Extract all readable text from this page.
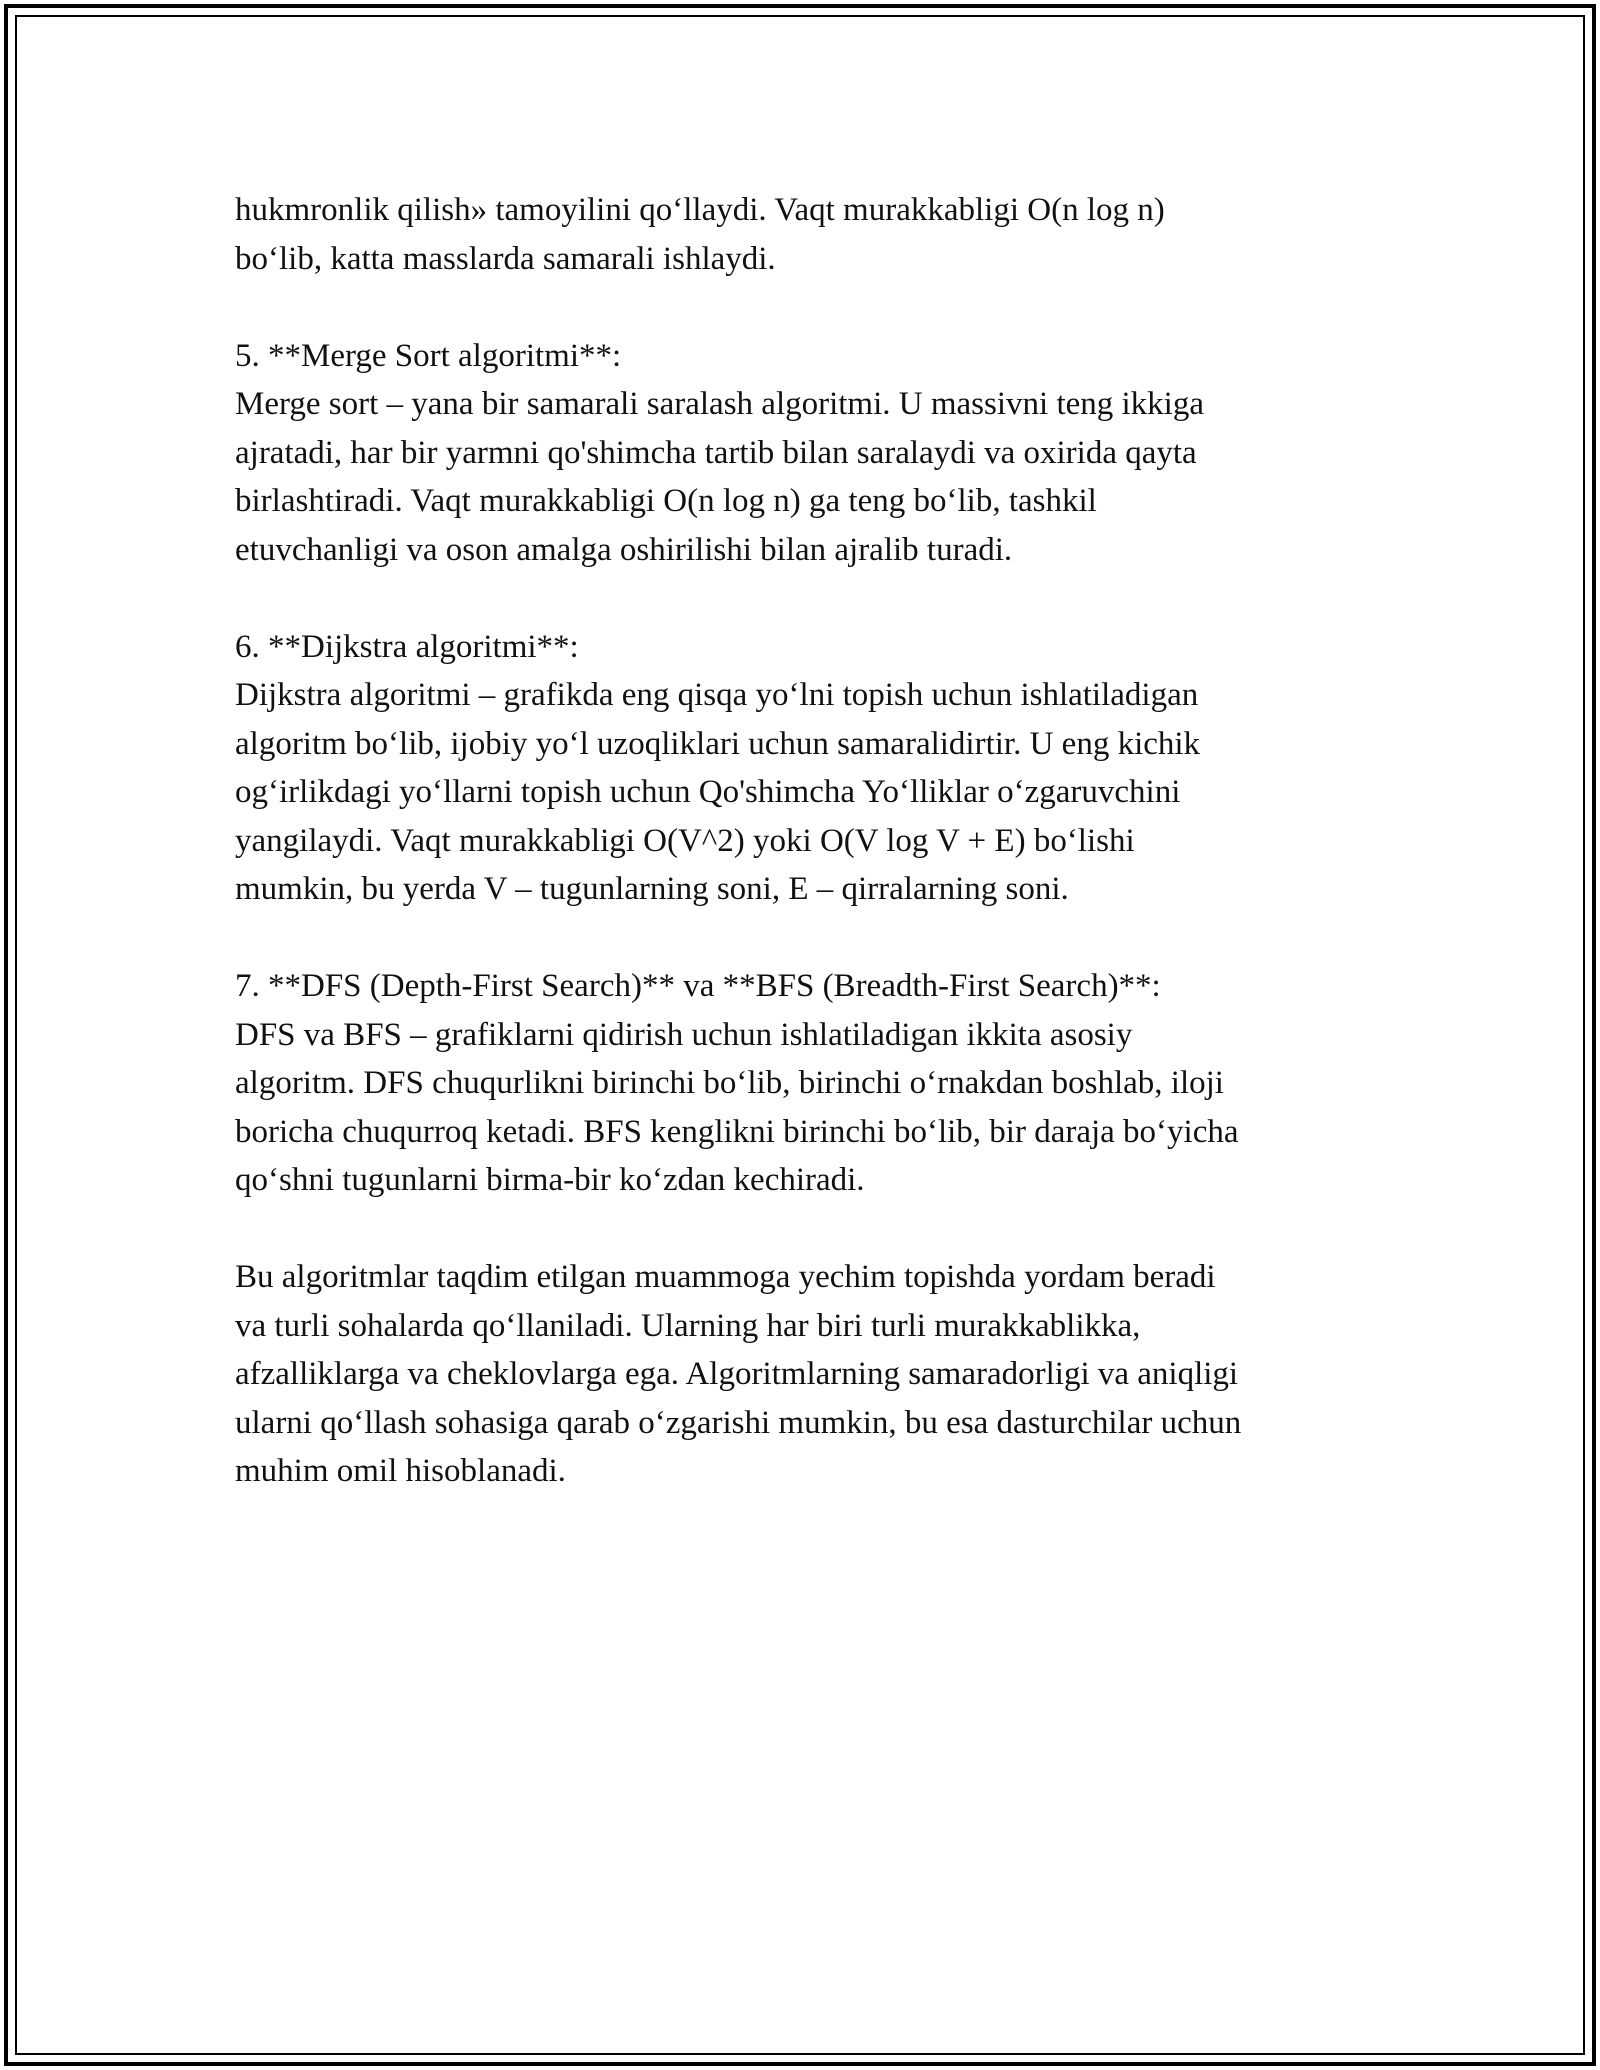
hukmronlik qilish» tamoyilini qo‘llaydi. Vaqt murakkabligi O(n log n)
bo‘lib, katta masslarda samarali ishlaydi.

5. **Merge Sort algoritmi**:
Merge sort – yana bir samarali saralash algoritmi. U massivni teng ikkiga
ajratadi, har bir yarmni qo'shimcha tartib bilan saralaydi va oxirida qayta
birlashtiradi. Vaqt murakkabligi O(n log n) ga teng bo‘lib, tashkil
etuvchanligi va oson amalga oshirilishi bilan ajralib turadi.

6. **Dijkstra algoritmi**:
Dijkstra algoritmi – grafikda eng qisqa yo‘lni topish uchun ishlatiladigan
algoritm bo‘lib, ijobiy yo‘l uzoqliklari uchun samaralidirtir. U eng kichik
og‘irlikdagi yo‘llarni topish uchun Qo'shimcha Yo‘lliklar o‘zgaruvchini
yangilaydi. Vaqt murakkabligi O(V^2) yoki O(V log V + E) bo‘lishi
mumkin, bu yerda V – tugunlarning soni, E – qirralarning soni.

7. **DFS (Depth-First Search)** va **BFS (Breadth-First Search)**:
DFS va BFS – grafiklarni qidirish uchun ishlatiladigan ikkita asosiy
algoritm. DFS chuqurlikni birinchi bo‘lib, birinchi o‘rnakdan boshlab, iloji
boricha chuqurroq ketadi. BFS kenglikni birinchi bo‘lib, bir daraja bo‘yicha
qo‘shni tugunlarni birma-bir ko‘zdan kechiradi.

Bu algoritmlar taqdim etilgan muammoga yechim topishda yordam beradi
va turli sohalarda qo‘llaniladi. Ularning har biri turli murakkablikka,
afzalliklarga va cheklovlarga ega. Algoritmlarning samaradorligi va aniqligi
ularni qo‘llash sohasiga qarab o‘zgarishi mumkin, bu esa dasturchilar uchun
muhim omil hisoblanadi.
